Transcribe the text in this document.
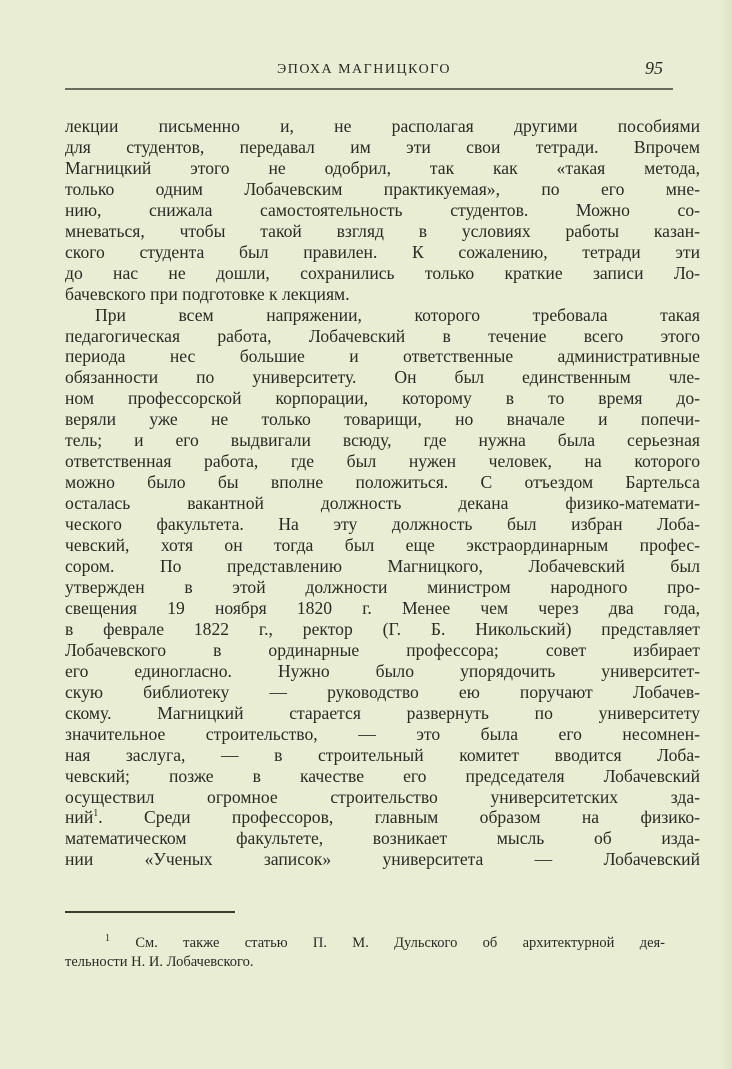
ЭПОХА МАГНИЦКОГО	95
лекции письменно и, не располагая другими пособиями
для студентов, передавал им эти свои тетради. Впрочем
Магницкий этого не одобрил, так как «такая метода,
только одним Лобачевским практикуемая», по его мне-
нию, снижала самостоятельность студентов. Можно со-
мневаться, чтобы такой взгляд в условиях работы казан-
ского студента был правилен. К сожалению, тетради эти
до нас не дошли, сохранились только краткие записи Ло-
бачевского при подготовке к лекциям.
При всем напряжении, которого требовала такая
педагогическая работа, Лобачевский в течение всего этого
периода нес большие и ответственные административные
обязанности по университету. Он был единственным чле-
ном профессорской корпорации, которому в то время до-
веряли уже не только товарищи, но вначале и попечи-
тель; и его выдвигали всюду, где нужна была серьезная
ответственная работа, где был нужен человек, на которого
можно было бы вполне положиться. С отъездом Бартельса
осталась вакантной должность декана физико-математи-
ческого факультета. На эту должность был избран Лоба-
чевский, хотя он тогда был еще экстраординарным профес-
сором. По представлению Магницкого, Лобачевский был
утвержден в этой должности министром народного про-
свещения 19 ноября 1820 г. Менее чем через два года,
в феврале 1822 г., ректор (Г. Б. Никольский) представляет
Лобачевского в ординарные профессора; совет избирает
его единогласно. Нужно было упорядочить университет-
скую библиотеку — руководство ею поручают Лобачев-
скому. Магницкий старается развернуть по университету
значительное строительство, — это была его несомнен-
ная заслуга, — в строительный комитет вводится Лоба-
чевский; позже в качестве его председателя Лобачевский
осуществил огромное строительство университетских зда-
ний$^1$. Среди профессоров, главным образом на физико-
математическом факультете, возникает мысль об изда-
нии «Ученых записок» университета — Лобачевский
$^1$ См. также статью П. М. Дульского об архитектурной дея-
тельности Н. И. Лобачевского.
